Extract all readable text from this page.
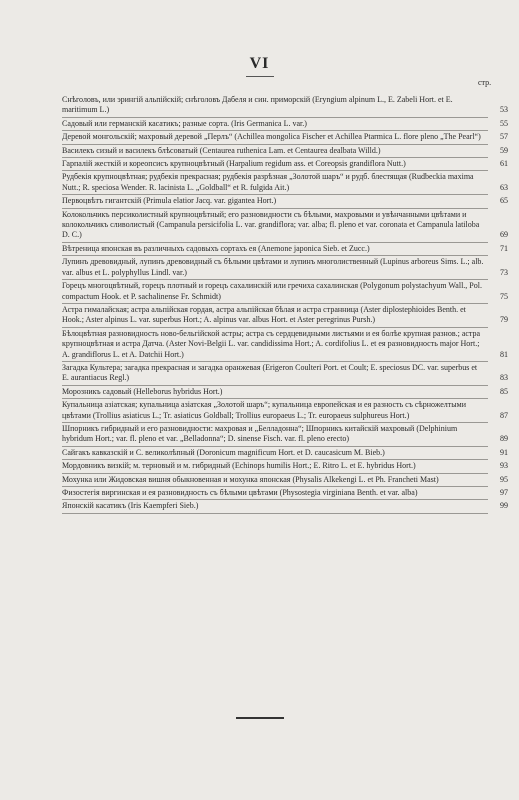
VI
стр.
Снѣголовъ, или эрингій альпійскій; снѣголовъ Дабеля и син. приморскій (Eryngium alpinum L., E. Zabeli Hort. et E. maritimum L.)	53
Садовый или германскій касатикъ; разные сорта. (Iris Germanica L. var.)	55
Деревой монгольскій; махровый деревой „Перлъ“ (Achillea mongolica Fischer et Achillea Ptarmica L. flore pleno „The Pearl“)	57
Василекъ сизый и василекъ блѣсоватый (Centaurea ruthenica Lam. et Centaurea dealbata Willd.)	59
Гарпалій жесткій и кореопсисъ крупноцвѣтный (Harpalium regidum ass. et Coreopsis grandiflora Nutt.)	61
Рудбекія крупноцвѣтная; рудбекія прекрасная; рудбекія разрѣзная „Золотой шаръ“ и рудб. блестящая (Rudbeckia maxima Nutt.; R. speciosa Wender. R. lacinista L. „Goldball“ et R. fulgida Ait.)	63
Первоцвѣтъ гигантскій (Primula elatior Jacq. var. gigantea Hort.)	65
Колокольчикъ персиколистный крупноцвѣтный; его разновидности съ бѣлыми, махровыми и увѣнчанными цвѣтами и колокольчикъ сливолистый (Campanula persicifolia L. var. grandiflora; var. alba; fl. pleno et var. coronata et Campanula latiloba D. C.)	69
Вѣтреница японская въ различныхъ садовыхъ сортахъ ея (Anemone japonica Sieb. et Zucc.)	71
Лупинъ древовидный, лупинъ древовидный съ бѣлыми цвѣтами и лупинъ многолиственный (Lupinus arboreus Sims. L.; alb. var. albus et L. polyphyllus Lindl. var.)	73
Горецъ многоцвѣтный, горецъ плотный и горецъ сахалинскій или гречиха сахалинская (Polygonum polystachyum Wall., Pol. compactum Hook. et P. sachalinense Fr. Schmidt)	75
Астра гималайская; астра альпійская гордая, астра альпійская бѣлая и астра странница (Aster diplostephioides Benth. et Hook.; Aster alpinus L. var. superbus Hort.; A. alpinus var. albus Hort. et Aster peregrinus Pursh.)	79
Бѣлоцвѣтная разновидность ново-бельгійской астры; астра съ сердцевидными листьями и ея болѣе крупная разнов.; астра крупноцвѣтная и астра Датча. (Aster Novi-Belgii L. var. candidissima Hort.; A. cordifolius L. et ея разновидность major Hort.; A. grandiflorus L. et A. Datchii Hort.)	81
Загадка Культера; загадка прекрасная и загадка оранжевая (Erigeron Coulteri Port. et Coult; E. speciosus DC. var. superbus et E. aurantiacus Regl.)	83
Морозникъ садовый (Helleborus hybridus Hort.)	85
Купальница азіатская; купальница азіатская „Золотой шаръ“; купальница европейская и ея разность съ сѣрножелтыми цвѣтами (Trollius asiaticus L.; Tr. asiaticus Goldball; Trollius europaeus L.; Tr. europaeus sulphureus Hort.)	87
Шпорникъ гибридный и его разновидности: махровая и „Белладонна“; Шпорникъ китайскій махровый (Delphinium hybridum Hort.; var. fl. pleno et var. „Belladonna“; D. sinense Fisch. var. fl. pleno erecto)	89
Сайгакъ кавказскій и С. великолѣпный (Doronicum magnificum Hort. et D. caucasicum M. Bieb.)	91
Мордовникъ визкій; м. терновый и м. гибридный (Echinops humilis Hort.; E. Ritro L. et E. hybridus Hort.)	93
Мохунка или Жидовская вишня обыкновенная и мохунка японская (Physalis Alkekengi L. et Ph. Francheti Mast)	95
Физостегія виргинская и ея разновидность съ бѣлыми цвѣтами (Physostegia virginiana Benth. et var. alba)	97
Японскій касатикъ (Iris Kaempferi Sieb.)	99
